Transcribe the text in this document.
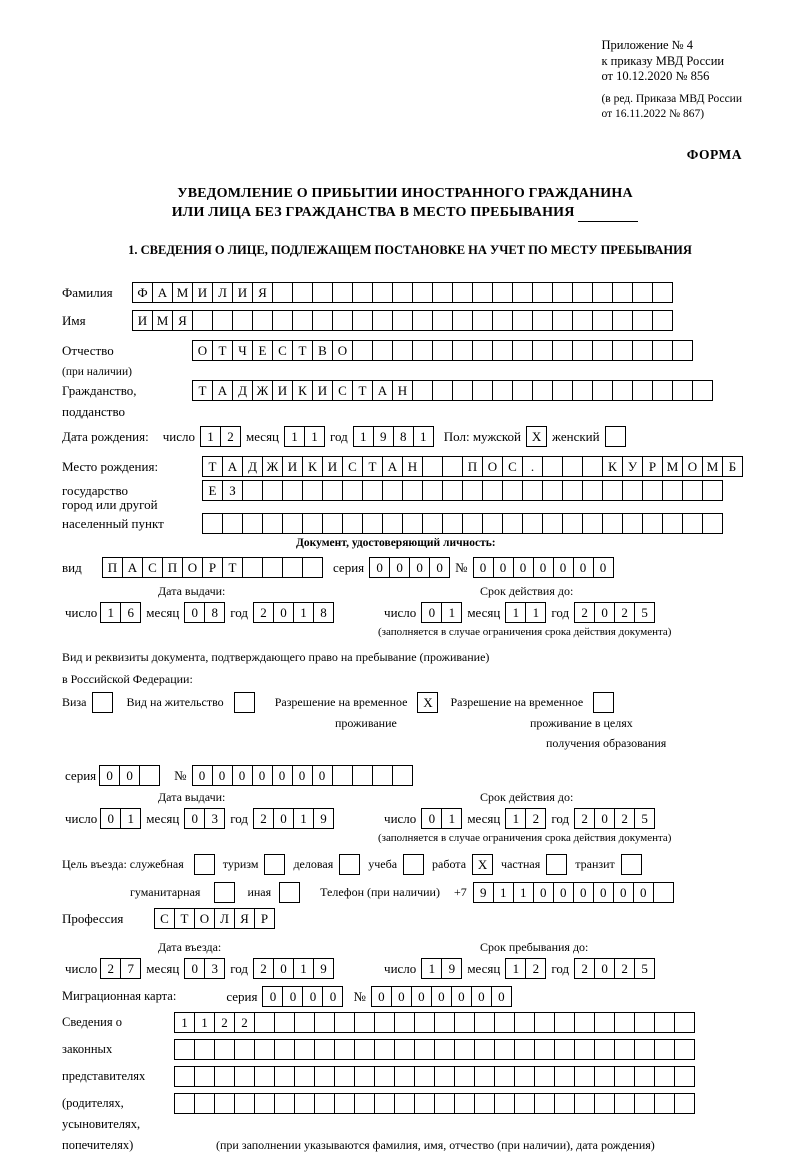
Приложение № 4
к приказу МВД России
от 10.12.2020 № 856
(в ред. Приказа МВД России
от 16.11.2022 № 867)
ФОРМА
УВЕДОМЛЕНИЕ О ПРИБЫТИИ ИНОСТРАННОГО ГРАЖДАНИНА
ИЛИ ЛИЦА БЕЗ ГРАЖДАНСТВА В МЕСТО ПРЕБЫВАНИЯ
1. СВЕДЕНИЯ О ЛИЦЕ, ПОДЛЕЖАЩЕМ ПОСТАНОВКЕ НА УЧЕТ ПО МЕСТУ ПРЕБЫВАНИЯ
Фамилия	Ф А М И Л И Я
Имя	И М Я
Отчество	О Т Ч Е С Т В О
(при наличии)
Гражданство,	Т А Д Ж И К И С Т А Н
подданство
Дата рождения: число 1	2 месяц 1	1 год 1	9	8	1	Пол: мужской X женский
Место рождения:	Т А Д Ж И К И С Т А Н	П О С	.	К У Р М О М Б
государство	Е З
город или другой
населенный пункт
Документ, удостоверяющий личность:
вид	П А С П О Р Т	серия 0	0	0	0 № 0	0	0	0	0	0	0
Дата выдачи:	Срок действия до:
число 1	6 месяц 0	8 год 2	0	1	8	число 0	1 месяц 1	1 год 2	0	2	5
(заполняется в случае ограничения срока действия документа)
Вид и реквизиты документа, подтверждающего право на пребывание (проживание)
в Российской Федерации:
Виза	Вид на жительство	Разрешение на временное	X	Разрешение на временное
проживание	проживание в целях
получения образования
серия 0	0	№ 0	0	0	0	0	0	0
Дата выдачи:	Срок действия до:
число 0	1 месяц 0	3 год 2	0	1	9	число 0	1 месяц 1	2 год 2	0	2	5
(заполняется в случае ограничения срока действия документа)
Цель въезда: служебная	туризм	деловая	учеба	работа X	частная	транзит
гуманитарная	иная	Телефон (при наличии) +7	9	1	1	0	0	0	0	0	0
Профессия	С Т О Л Я Р
Дата въезда:	Срок пребывания до:
число 2	7 месяц 0	3 год 2	0	1	9	число 1	9 месяц 1	2 год 2	0	2	5
Миграционная карта:	серия 0	0	0	0	№ 0	0	0	0	0	0	0
Сведения о	1	1	2	2
законных
представителях
(родителях,
усыновителях,
попечителях)	(при заполнении указываются фамилия, имя, отчество (при наличии), дата рождения)
